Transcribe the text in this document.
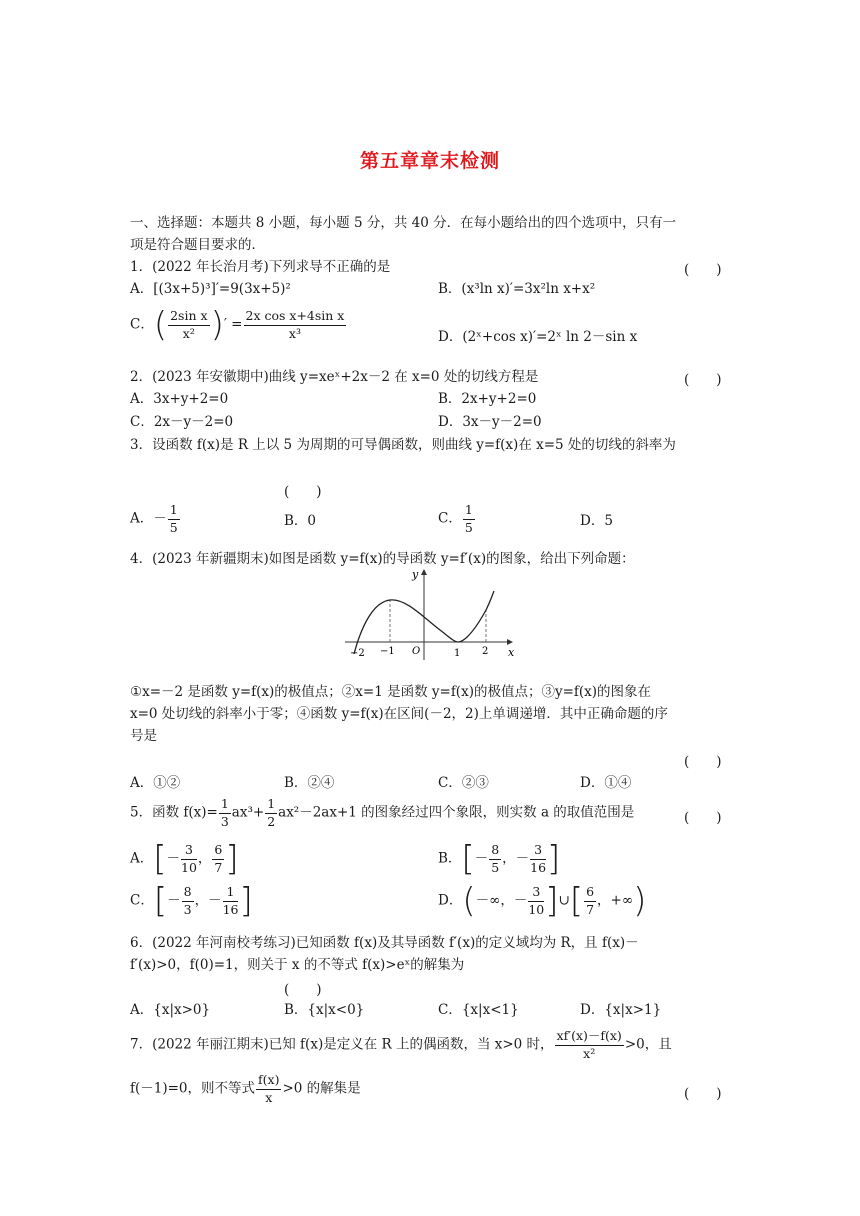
第五章章末检测
一、选择题：本题共 8 小题，每小题 5 分，共 40 分．在每小题给出的四个选项中，只有一
项是符合题目要求的．
1．(2022 年长治月考)下列求导不正确的是	(　　)
A．[(3x+5)³]′=9(3x+5)²	B．(x³ln x)′=3x²ln x+x²
C．( $\frac{\text{2sin x}}{\text{x²}}$ )′ = $\frac{\text{2x cos x+4sin x}}{\text{x³}}$	D．(2ˣ+cos x)′=2ˣ ln 2－sin x
2．(2023 年安徽期中)曲线 y=xeˣ+2x－2 在 x=0 处的切线方程是	(　　)
A．3x+y+2=0	B．2x+y+2=0
C．2x－y－2=0	D．3x－y－2=0
3．设函数 f(x)是 R 上以 5 为周期的可导偶函数，则曲线 y=f(x)在 x=5 处的切线的斜率为
(　　)
A．－ $\frac{1}{5}$	B．0	C． $\frac{1}{5}$	D．5
4．(2023 年新疆期末)如图是函数 y=f(x)的导函数 y=f′(x)的图象，给出下列命题：
y
x
O
−2 −1	1 2
①x=－2 是函数 y=f(x)的极值点；②x=1 是函数 y=f(x)的极值点；③y=f(x)的图象在
x=0 处切线的斜率小于零；④函数 y=f(x)在区间(－2，2)上单调递增．其中正确命题的序
号是
(　　)
A．①②	B．②④	C．②③	D．①④
5．函数 $f(x)= \frac{1}{3} ax^3+ \frac{1}{2} ax^2-2ax+1$ 的图象经过四个象限，则实数 a 的取值范围是	(　　)
A．[－ $\frac{3}{10}$ ， $\frac{6}{7}$ ]	B．[－ $\frac{8}{5}$ ，－ $\frac{3}{16}$ ]
C．[－ $\frac{8}{3}$ ，－ $\frac{1}{16}$ ]	D．(－∞，－ $\frac{3}{10}$ ]∪[ $\frac{6}{7}$ ，+∞)
6．(2022 年河南校考练习)已知函数 f(x)及其导函数 f′(x)的定义域均为 R，且 f(x)－
f′(x)>0，f(0)=1，则关于 x 的不等式 f(x)>eˣ的解集为
(　　)
A．{x|x>0}	B．{x|x<0}	C．{x|x<1}	D．{x|x>1}
7．(2022 年丽江期末)已知 f(x)是定义在 R 上的偶函数，当 x>0 时， $\frac{xf'(x)-f(x)}{\text{x²}} >0$，且
f(－1)=0，则不等式 $\frac{f(x)}{x} >0$ 的解集是	(　　)
